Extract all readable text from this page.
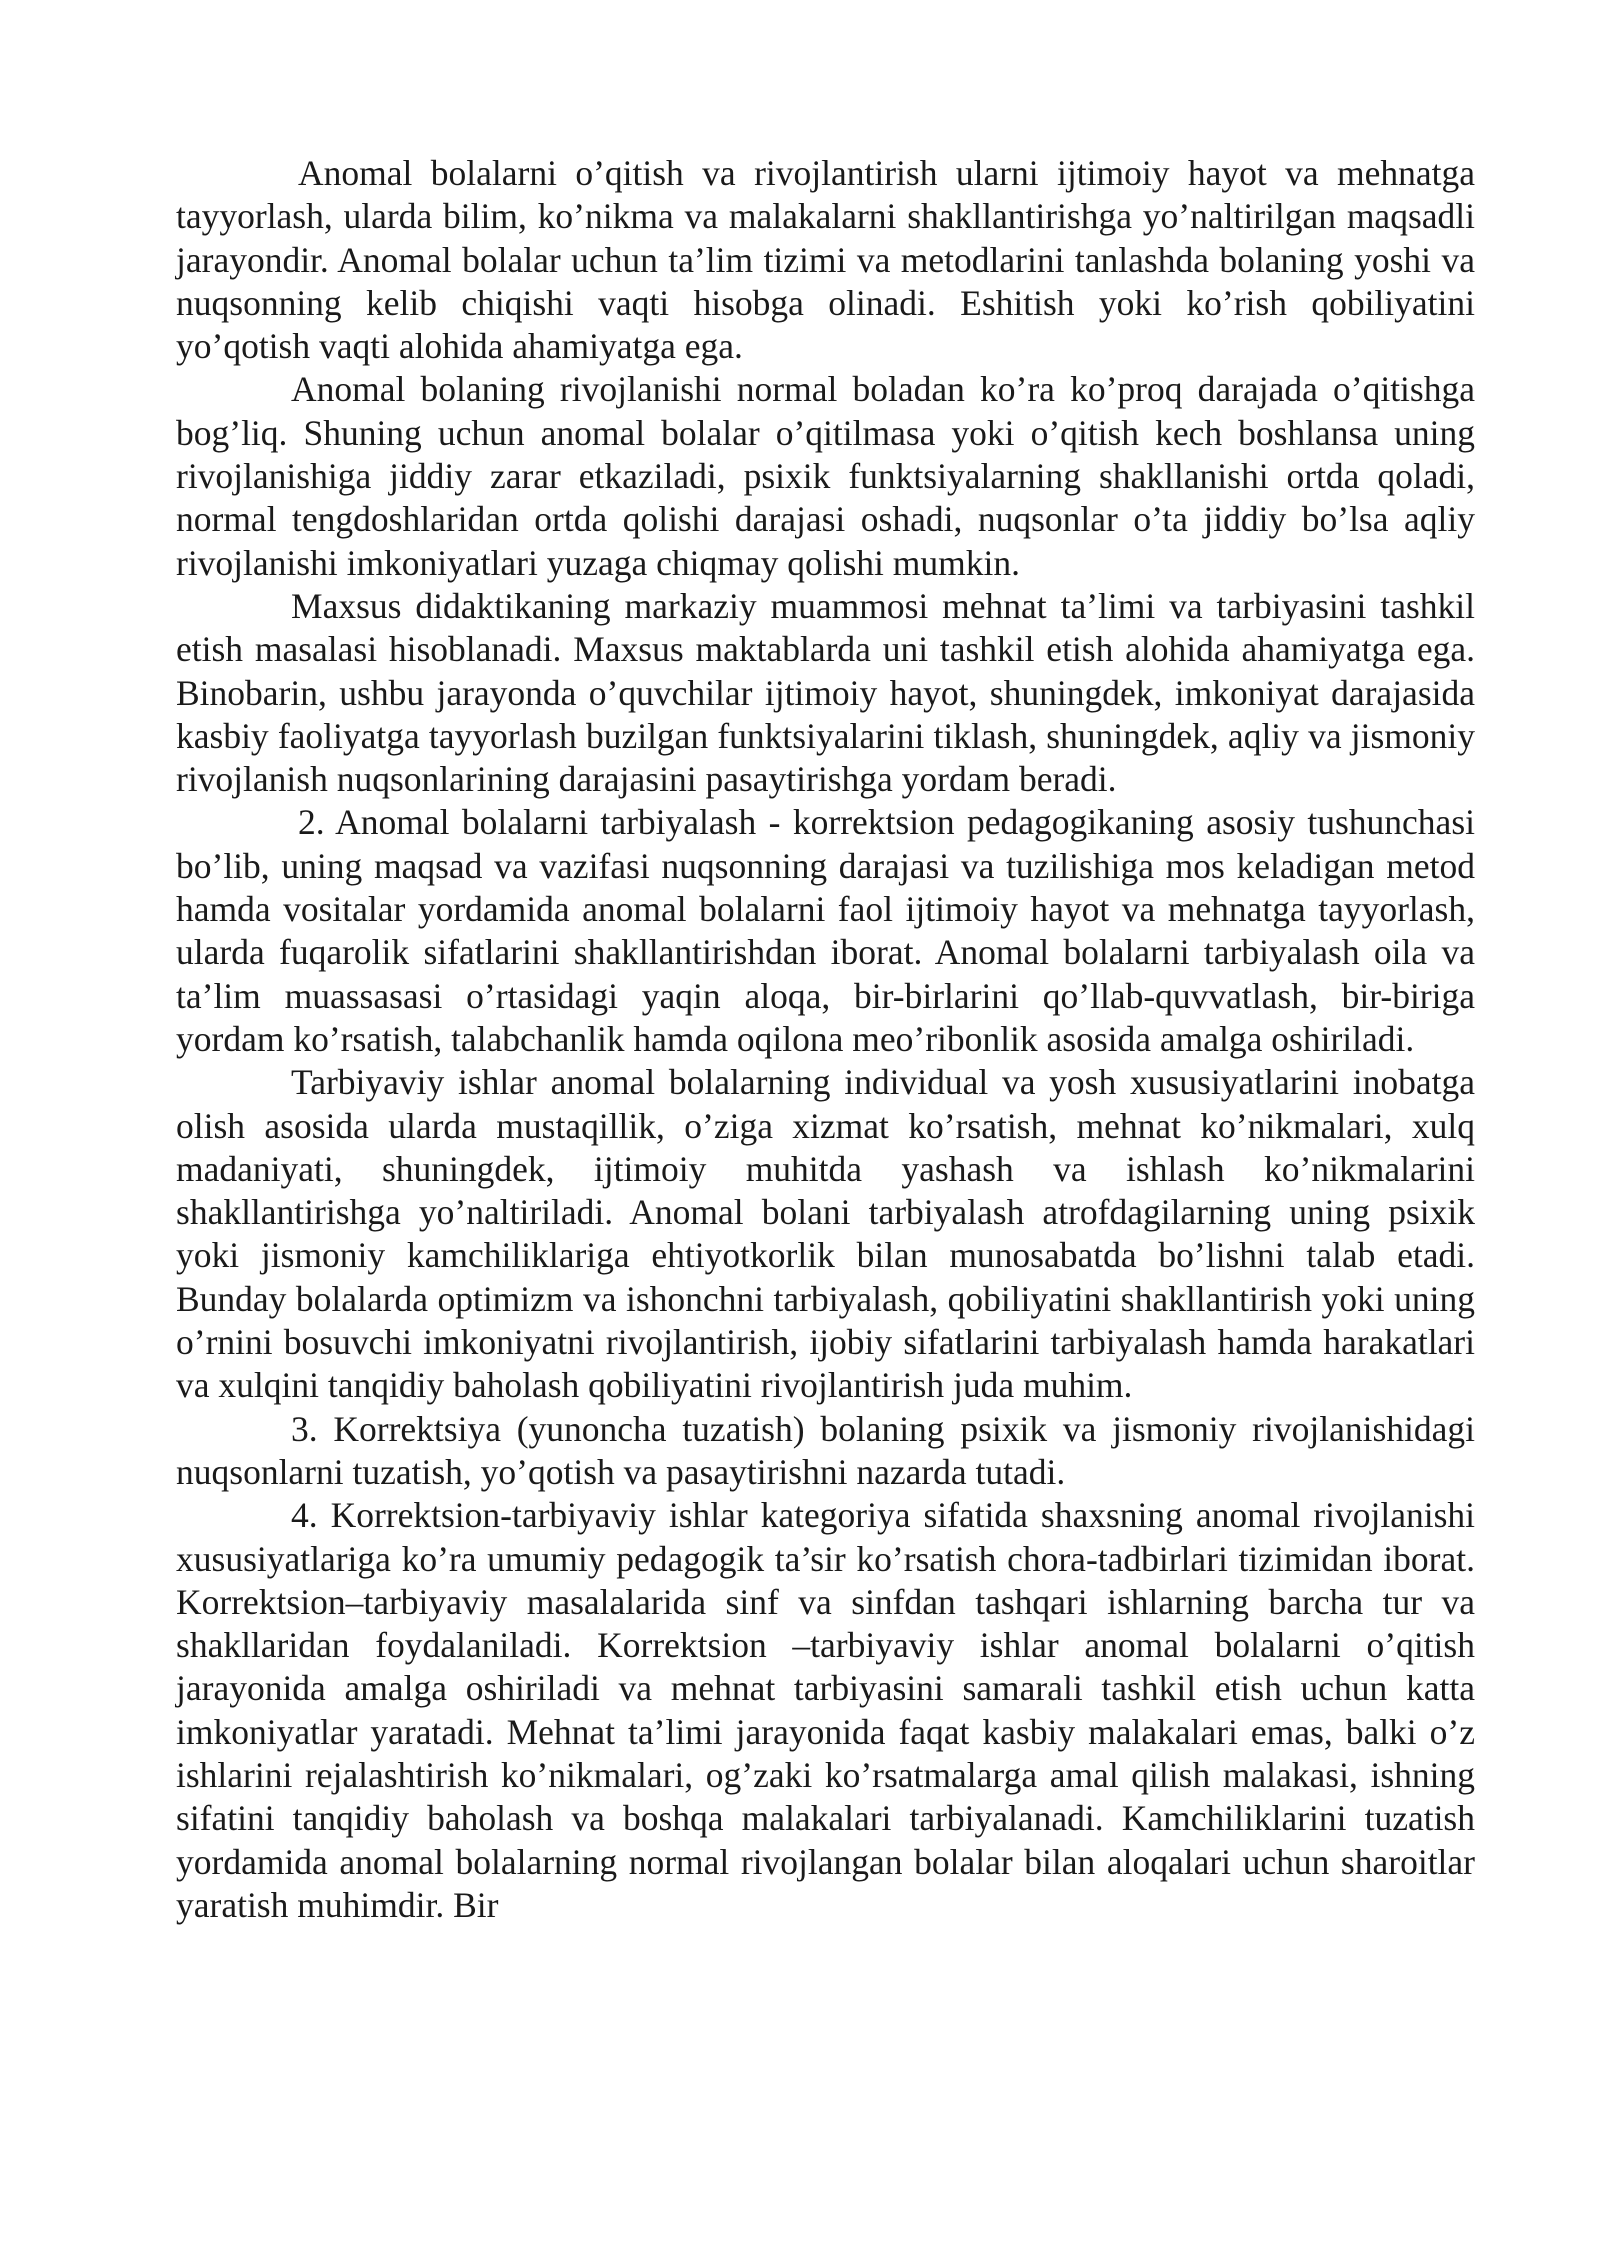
Anomal bolalarni o’qitish va rivojlantirish ularni ijtimoiy hayot va mehnatga tayyorlash, ularda bilim, ko’nikma va malakalarni shakllantirishga yo’naltirilgan maqsadli jarayondir. Anomal bolalar uchun ta’lim tizimi va metodlarini tanlashda bolaning yoshi va nuqsonning kelib chiqishi vaqti hisobga olinadi. Eshitish yoki ko’rish qobiliyatini yo’qotish vaqti alohida ahamiyatga ega.

Anomal bolaning rivojlanishi normal boladan ko’ra ko’proq darajada o’qitishga bog’liq. Shuning uchun anomal bolalar o’qitilmasa yoki o’qitish kech boshlansa uning rivojlanishiga jiddiy zarar etkaziladi, psixik funktsiyalarning shakllanishi ortda qoladi, normal tengdoshlaridan ortda qolishi darajasi oshadi, nuqsonlar o’ta jiddiy bo’lsa aqliy rivojlanishi imkoniyatlari yuzaga chiqmay qolishi mumkin.

Maxsus didaktikaning markaziy muammosi mehnat ta’limi va tarbiyasini tashkil etish masalasi hisoblanadi. Maxsus maktablarda uni tashkil etish alohida ahamiyatga ega. Binobarin, ushbu jarayonda o’quvchilar ijtimoiy hayot, shuningdek, imkoniyat darajasida kasbiy faoliyatga tayyorlash buzilgan funktsiyalarini tiklash, shuningdek, aqliy va jismoniy rivojlanish nuqsonlarining darajasini pasaytirishga yordam beradi.

2. Anomal bolalarni tarbiyalash - korrektsion pedagogikaning asosiy tushunchasi bo’lib, uning maqsad va vazifasi nuqsonning darajasi va tuzilishiga mos keladigan metod hamda vositalar yordamida anomal bolalarni faol ijtimoiy hayot va mehnatga tayyorlash, ularda fuqarolik sifatlarini shakllantirishdan iborat. Anomal bolalarni tarbiyalash oila va ta’lim muassasasi o’rtasidagi yaqin aloqa, bir-birlarini qo’llab-quvvatlash, bir-biriga yordam ko’rsatish, talabchanlik hamda oqilona meo’ribonlik asosida amalga oshiriladi.

Tarbiyaviy ishlar anomal bolalarning individual va yosh xususiyatlarini inobatga olish asosida ularda mustaqillik, o’ziga xizmat ko’rsatish, mehnat ko’nikmalari, xulq madaniyati, shuningdek, ijtimoiy muhitda yashash va ishlash ko’nikmalarini shakllantirishga yo’naltiriladi. Anomal bolani tarbiyalash atrofdagilarning uning psixik yoki jismoniy kamchiliklariga ehtiyotkorlik bilan munosabatda bo’lishni talab etadi. Bunday bolalarda optimizm va ishonchni tarbiyalash, qobiliyatini shakllantirish yoki uning o’rnini bosuvchi imkoniyatni rivojlantirish, ijobiy sifatlarini tarbiyalash hamda harakatlari va xulqini tanqidiy baholash qobiliyatini rivojlantirish juda muhim.

3. Korrektsiya (yunoncha tuzatish) bolaning psixik va jismoniy rivojlanishidagi nuqsonlarni tuzatish, yo’qotish va pasaytirishni nazarda tutadi.

4. Korrektsion-tarbiyaviy ishlar kategoriya sifatida shaxsning anomal rivojlanishi xususiyatlariga ko’ra umumiy pedagogik ta’sir ko’rsatish chora-tadbirlari tizimidan iborat. Korrektsion–tarbiyaviy masalalarida sinf va sinfdan tashqari ishlarning barcha tur va shakllaridan foydalaniladi. Korrektsion –tarbiyaviy ishlar anomal bolalarni o’qitish jarayonida amalga oshiriladi va mehnat tarbiyasini samarali tashkil etish uchun katta imkoniyatlar yaratadi. Mehnat ta’limi jarayonida faqat kasbiy malakalari emas, balki o’z ishlarini rejalashtirish ko’nikmalari, og’zaki ko’rsatmalarga amal qilish malakasi, ishning sifatini tanqidiy baholash va boshqa malakalari tarbiyalanadi. Kamchiliklarini tuzatish yordamida anomal bolalarning normal rivojlangan bolalar bilan aloqalari uchun sharoitlar yaratish muhimdir. Bir
